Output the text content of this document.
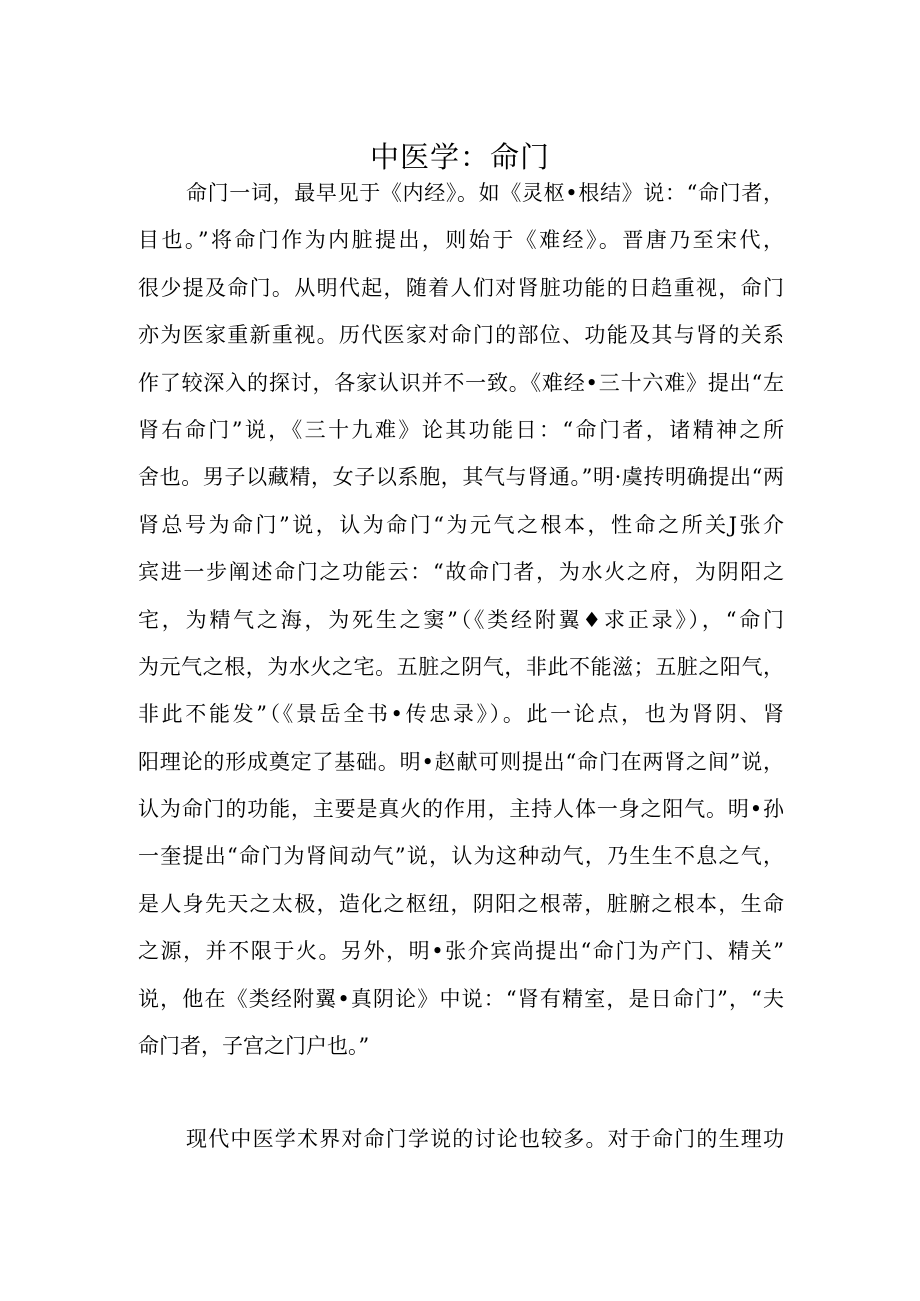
中医学：命门
命门一词，最早见于《内经》。如《灵枢•根结》说：“命门者，
目也。”将命门作为内脏提出，则始于《难经》。晋唐乃至宋代，
很少提及命门。从明代起，随着人们对肾脏功能的日趋重视，命门
亦为医家重新重视。历代医家对命门的部位、功能及其与肾的关系
作了较深入的探讨，各家认识并不一致。《难经•三十六难》提出“左
肾右命门”说，《三十九难》论其功能日：“命门者，诸精神之所
舍也。男子以藏精，女子以系胞，其气与肾通。”明·虞抟明确提出“两
肾总号为命门”说，认为命门“为元气之根本，性命之所关J张介
宾进一步阐述命门之功能云：“故命门者，为水火之府，为阴阳之
宅，为精气之海，为死生之窦”（《类经附翼♦求正录》），“命门
为元气之根，为水火之宅。五脏之阴气，非此不能滋；五脏之阳气，
非此不能发”（《景岳全书•传忠录》）。此一论点，也为肾阴、肾
阳理论的形成奠定了基础。明•赵献可则提出“命门在两肾之间”说，
认为命门的功能，主要是真火的作用，主持人体一身之阳气。明•孙
一奎提出“命门为肾间动气”说，认为这种动气，乃生生不息之气，
是人身先天之太极，造化之枢纽，阴阳之根蒂，脏腑之根本，生命
之源，并不限于火。另外，明•张介宾尚提出“命门为产门、精关”
说，他在《类经附翼•真阴论》中说：“肾有精室，是日命门”，“夫
命门者，子宫之门户也。”
现代中医学术界对命门学说的讨论也较多。对于命门的生理功
